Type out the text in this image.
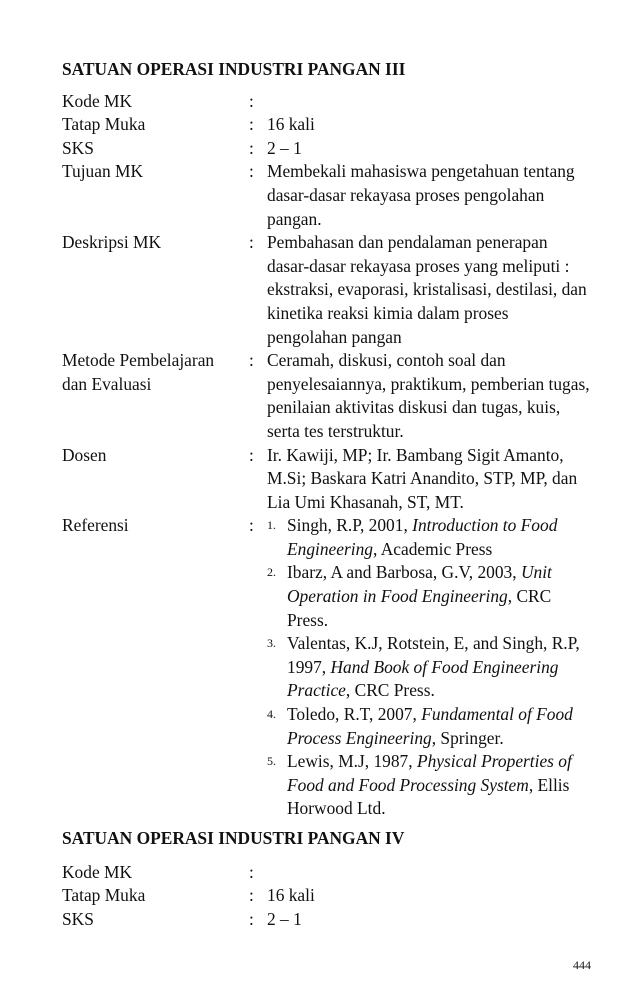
SATUAN OPERASI INDUSTRI PANGAN III
Kode MK	:
Tatap Muka	: 16 kali
SKS	: 2 – 1
Tujuan MK	: Membekali mahasiswa pengetahuan tentang dasar-dasar rekayasa proses pengolahan pangan.
Deskripsi MK	: Pembahasan dan pendalaman penerapan dasar-dasar rekayasa proses yang meliputi : ekstraksi, evaporasi, kristalisasi, destilasi, dan kinetika reaksi kimia dalam proses pengolahan pangan
Metode Pembelajaran
dan Evaluasi
: Ceramah, diskusi, contoh soal dan penyelesaiannya, praktikum, pemberian tugas, penilaian aktivitas diskusi dan tugas, kuis, serta tes terstruktur.
Dosen	: Ir. Kawiji, MP; Ir. Bambang Sigit Amanto, M.Si; Baskara Katri Anandito, STP, MP, dan Lia Umi Khasanah, ST, MT.
Referensi	:	1. Singh, R.P, 2001, Introduction to Food Engineering, Academic Press
2. Ibarz, A and Barbosa, G.V, 2003, Unit Operation in Food Engineering, CRC Press.
3. Valentas, K.J, Rotstein, E, and Singh, R.P, 1997, Hand Book of Food Engineering Practice, CRC Press.
4. Toledo, R.T, 2007, Fundamental of Food Process Engineering, Springer.
5. Lewis, M.J, 1987, Physical Properties of Food and Food Processing System, Ellis Horwood Ltd.
SATUAN OPERASI INDUSTRI PANGAN IV
Kode MK	:
Tatap Muka	: 16 kali
SKS	: 2 – 1
444
